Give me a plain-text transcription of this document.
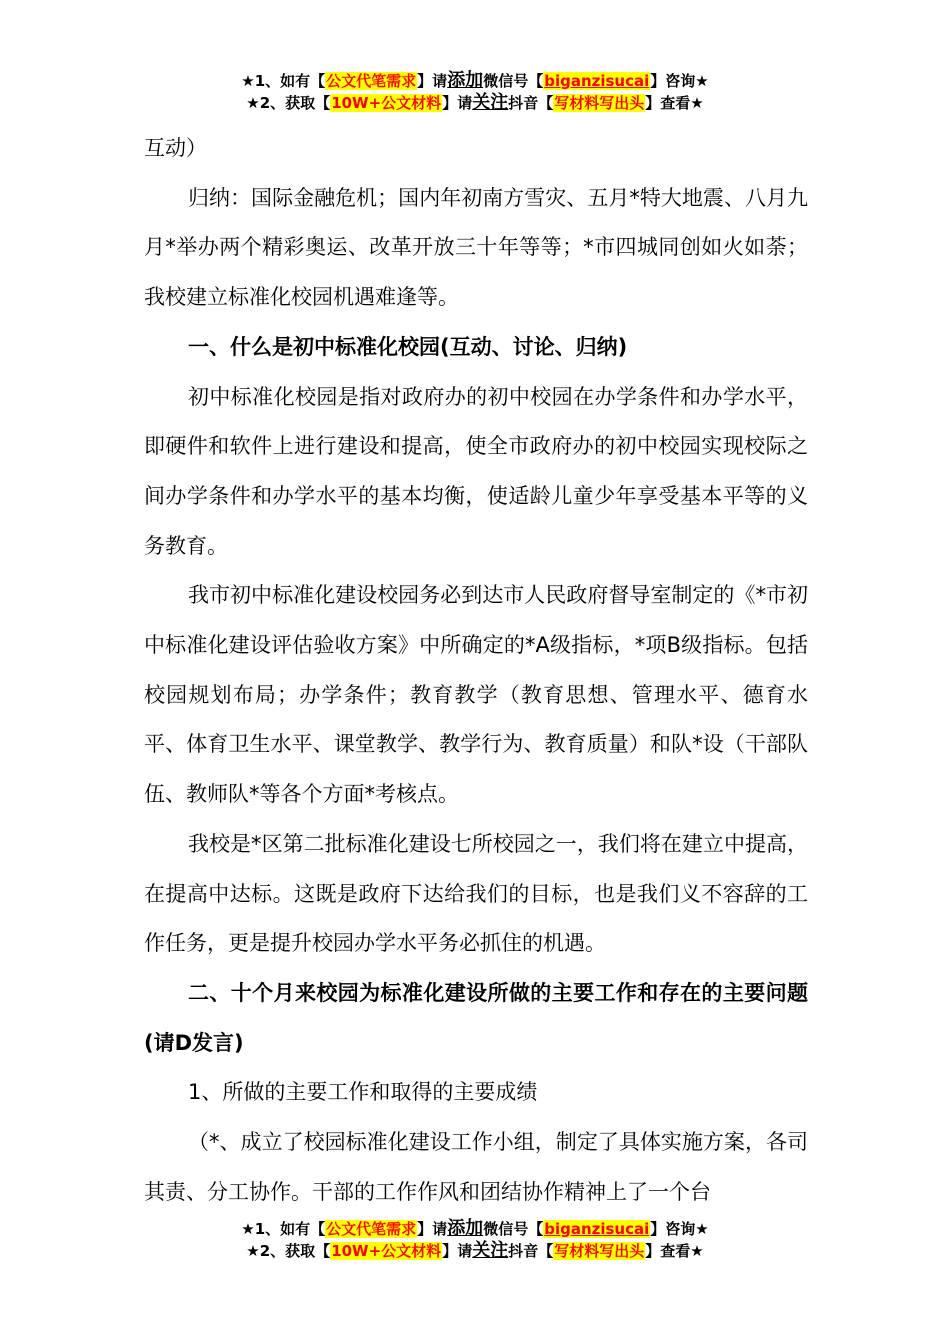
★1、如有【公文代笔需求】请添加微信号【biganzisucai】咨询★
★2、获取【10W+公文材料】请关注抖音【写材料写出头】查看★

互动）

归纳：国际金融危机；国内年初南方雪灾、五月*特大地震、八月九月*举办两个精彩奥运、改革开放三十年等等；*市四城同创如火如荼；我校建立标准化校园机遇难逢等。

一、什么是初中标准化校园(互动、讨论、归纳)

初中标准化校园是指对政府办的初中校园在办学条件和办学水平，即硬件和软件上进行建设和提高，使全市政府办的初中校园实现校际之间办学条件和办学水平的基本均衡，使适龄儿童少年享受基本平等的义务教育。

我市初中标准化建设校园务必到达市人民政府督导室制定的《*市初中标准化建设评估验收方案》中所确定的*A级指标，*项B级指标。包括校园规划布局；办学条件；教育教学（教育思想、管理水平、德育水平、体育卫生水平、课堂教学、教学行为、教育质量）和队*设（干部队伍、教师队*等各个方面*考核点。

我校是*区第二批标准化建设七所校园之一，我们将在建立中提高，在提高中达标。这既是政府下达给我们的目标，也是我们义不容辞的工作任务，更是提升校园办学水平务必抓住的机遇。

二、十个月来校园为标准化建设所做的主要工作和存在的主要问题(请D发言)

1、所做的主要工作和取得的主要成绩

（*、成立了校园标准化建设工作小组，制定了具体实施方案，各司其责、分工协作。干部的工作作风和团结协作精神上了一个台

★1、如有【公文代笔需求】请添加微信号【biganzisucai】咨询★
★2、获取【10W+公文材料】请关注抖音【写材料写出头】查看★
